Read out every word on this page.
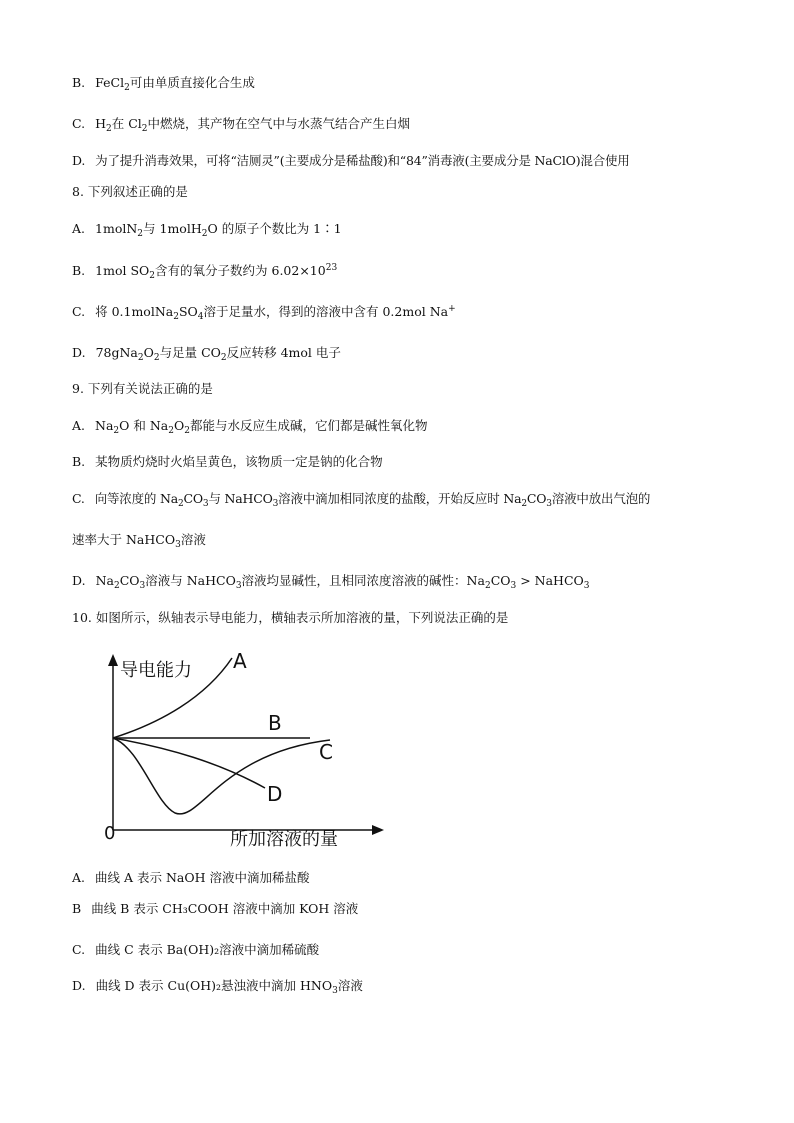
B. FeCl$_2$可由单质直接化合生成
C. $H_2$在 $Cl_2$中燃烧，其产物在空气中与水蒸气结合产生白烟
D. 为了提升消毒效果，可将“洁厕灵”(主要成分是稀盐酸)和“84”消毒液(主要成分是 NaClO)混合使用
8. 下列叙述正确的是
A. 1molN$_2$与 1molH$_2$O 的原子个数比为 1∶1
B. 1mol $SO_2$含有的氧分子数约为 $6.02\times 10^{23}$
C. 将 $0.1molNa_2SO_4$溶于足量水，得到的溶液中含有 0.2mol Na+
D. $78gNa_2O_2$与足量 $CO_2$反应转移 4mol 电子
9. 下列有关说法正确的是
A. $Na_2O$ 和 $Na_2O_2$都能与水反应生成碱，它们都是碱性氧化物
B. 某物质灼烧时火焰呈黄色，该物质一定是钠的化合物
C. 向等浓度的 $Na_2CO_3$与 NaHCO$_3$溶液中滴加相同浓度的盐酸，开始反应时 $Na_2CO_3$溶液中放出气泡的
速率大于 NaHCO$_3$溶液
D. $Na_2CO_3$溶液与 NaHCO$_3$溶液均显碱性，且相同浓度溶液的碱性：$Na_2CO_3$ > NaHCO$_3$
10. 如图所示，纵轴表示导电能力，横轴表示所加溶液的量，下列说法正确的是
导电能力
所加溶液的量
0
A
B
C
D
A. 曲线 A 表示 NaOH 溶液中滴加稀盐酸
B 曲线 B 表示 CH₃COOH 溶液中滴加 KOH 溶液
C. 曲线 C 表示 Ba(OH)₂溶液中滴加稀硫酸
D. 曲线 D 表示 Cu(OH)₂悬浊液中滴加 $HNO_3$溶液
